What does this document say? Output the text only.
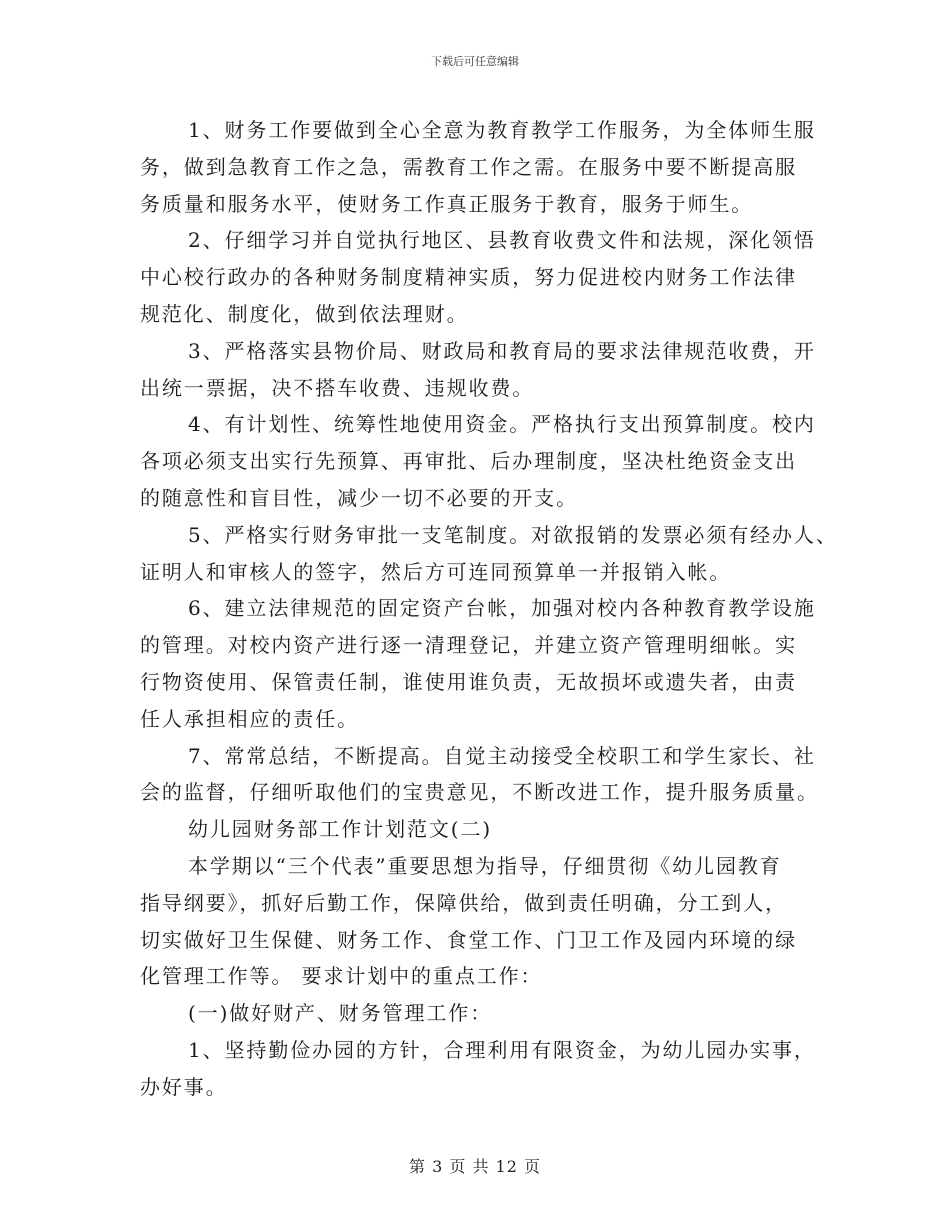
下载后可任意编辑
1、财务工作要做到全心全意为教育教学工作服务，为全体师生服
务，做到急教育工作之急，需教育工作之需。在服务中要不断提高服
务质量和服务水平，使财务工作真正服务于教育，服务于师生。
2、仔细学习并自觉执行地区、县教育收费文件和法规，深化领悟
中心校行政办的各种财务制度精神实质，努力促进校内财务工作法律
规范化、制度化，做到依法理财。
3、严格落实县物价局、财政局和教育局的要求法律规范收费，开
出统一票据，决不搭车收费、违规收费。
4、有计划性、统筹性地使用资金。严格执行支出预算制度。校内
各项必须支出实行先预算、再审批、后办理制度，坚决杜绝资金支出
的随意性和盲目性，减少一切不必要的开支。
5、严格实行财务审批一支笔制度。对欲报销的发票必须有经办人、
证明人和审核人的签字，然后方可连同预算单一并报销入帐。
6、建立法律规范的固定资产台帐，加强对校内各种教育教学设施
的管理。对校内资产进行逐一清理登记，并建立资产管理明细帐。实
行物资使用、保管责任制，谁使用谁负责，无故损坏或遗失者，由责
任人承担相应的责任。
7、常常总结，不断提高。自觉主动接受全校职工和学生家长、社
会的监督，仔细听取他们的宝贵意见，不断改进工作，提升服务质量。
幼儿园财务部工作计划范文(二)
本学期以“三个代表”重要思想为指导，仔细贯彻《幼儿园教育
指导纲要》，抓好后勤工作，保障供给，做到责任明确，分工到人，
切实做好卫生保健、财务工作、食堂工作、门卫工作及园内环境的绿
化管理工作等。 要求计划中的重点工作：
(一)做好财产、财务管理工作：
1、坚持勤俭办园的方针，合理利用有限资金，为幼儿园办实事，
办好事。
第 3 页 共 12 页
